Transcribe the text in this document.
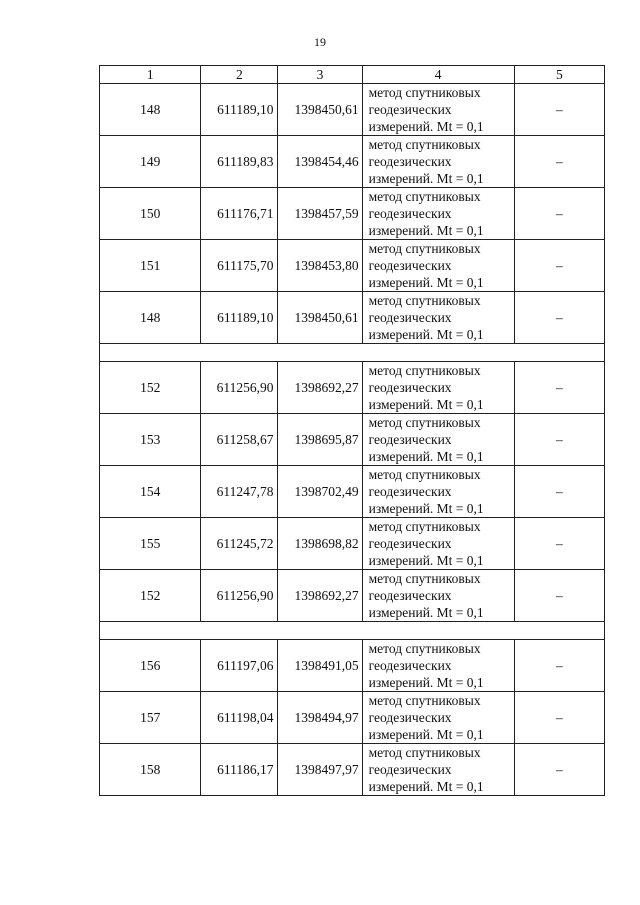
19
1	2	3	4	5
148	611189,10	1398450,61	метод спутниковых
геодезических
измерений. Mt = 0,1	–
149	611189,83	1398454,46	метод спутниковых
геодезических
измерений. Mt = 0,1	–
150	611176,71	1398457,59	метод спутниковых
геодезических
измерений. Mt = 0,1	–
151	611175,70	1398453,80	метод спутниковых
геодезических
измерений. Mt = 0,1	–
148	611189,10	1398450,61	метод спутниковых
геодезических
измерений. Mt = 0,1	–

152	611256,90	1398692,27	метод спутниковых
геодезических
измерений. Mt = 0,1	–
153	611258,67	1398695,87	метод спутниковых
геодезических
измерений. Mt = 0,1	–
154	611247,78	1398702,49	метод спутниковых
геодезических
измерений. Mt = 0,1	–
155	611245,72	1398698,82	метод спутниковых
геодезических
измерений. Mt = 0,1	–
152	611256,90	1398692,27	метод спутниковых
геодезических
измерений. Mt = 0,1	–

156	611197,06	1398491,05	метод спутниковых
геодезических
измерений. Mt = 0,1	–
157	611198,04	1398494,97	метод спутниковых
геодезических
измерений. Mt = 0,1	–
158	611186,17	1398497,97	метод спутниковых
геодезических
измерений. Mt = 0,1	–
